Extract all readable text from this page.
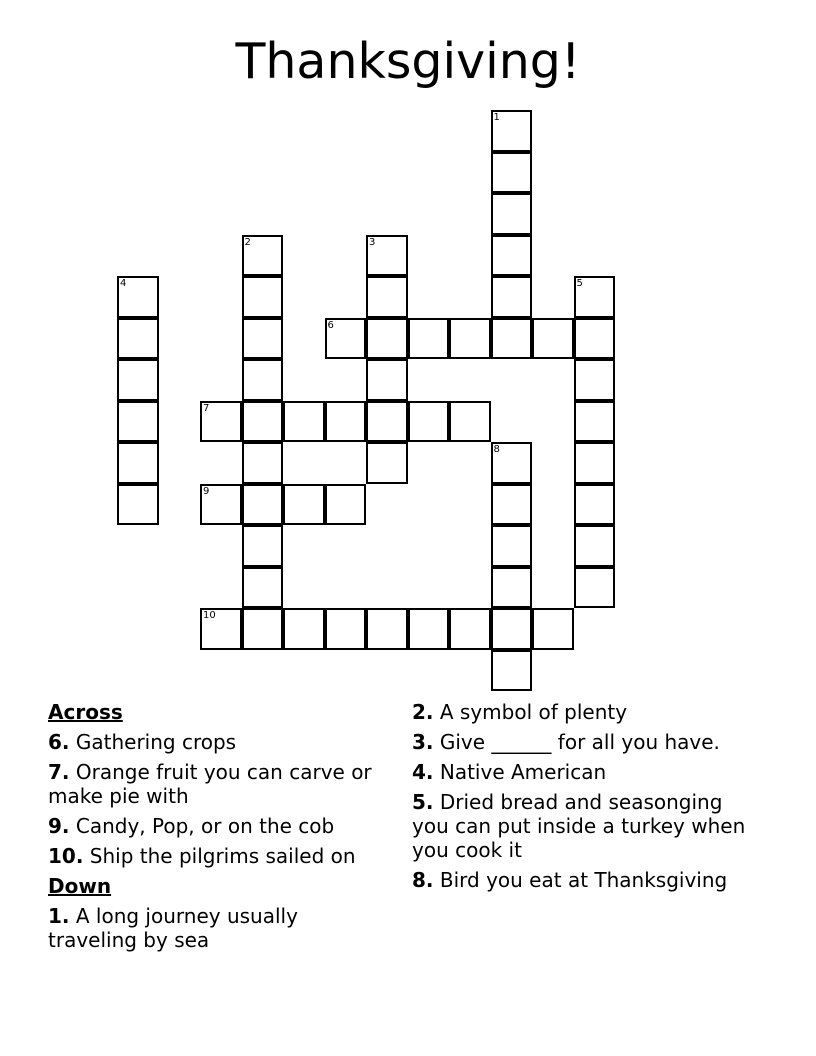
Thanksgiving!
1
2	3
4	5
6
7
8
9
10
Across
6. Gathering crops
7. Orange fruit you can carve or make pie with
9. Candy, Pop, or on the cob
10. Ship the pilgrims sailed on
Down
1. A long journey usually traveling by sea
2. A symbol of plenty
3. Give ______ for all you have.
4. Native American
5. Dried bread and seasonging you can put inside a turkey when you cook it
8. Bird you eat at Thanksgiving
